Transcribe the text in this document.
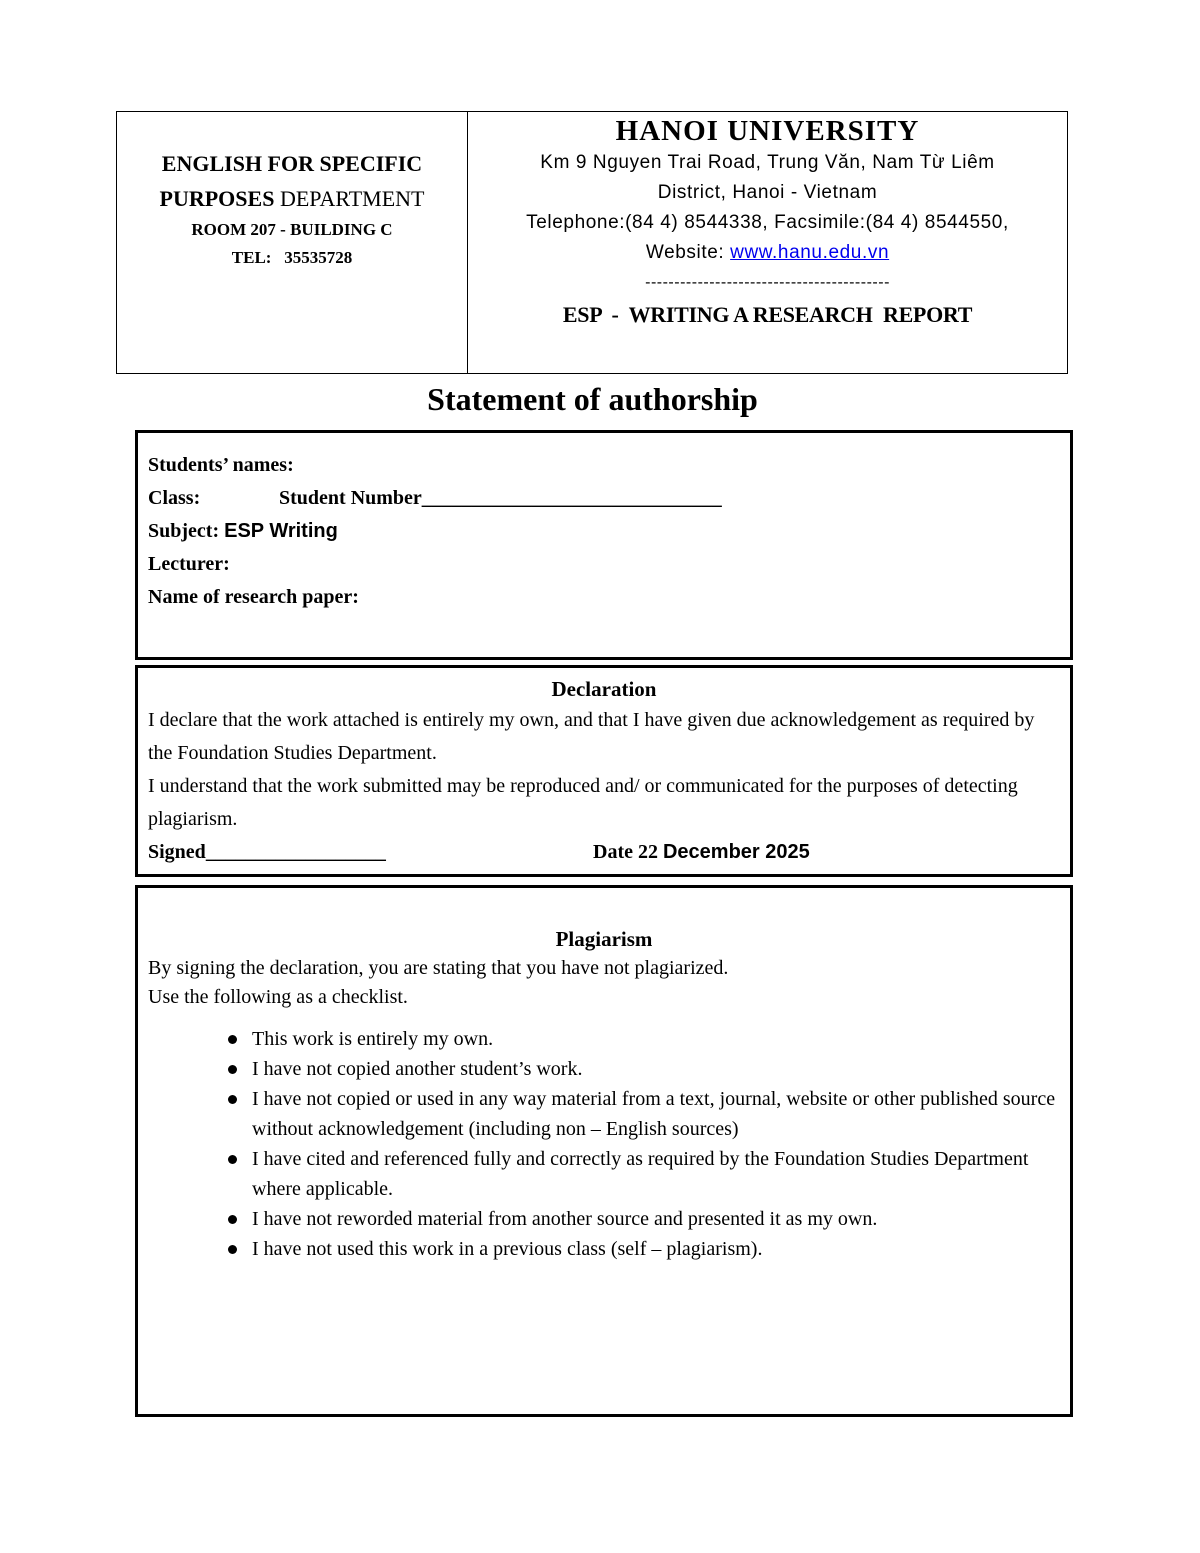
ENGLISH FOR SPECIFIC
PURPOSES DEPARTMENT
ROOM 207 - BUILDING C
TEL:   35535728
HANOI UNIVERSITY
Km 9 Nguyen Trai Road, Trung Văn, Nam Từ Liêm
District, Hanoi - Vietnam
Telephone:(84 4) 8544338, Facsimile:(84 4) 8544550,
Website: www.hanu.edu.vn
------------------------------------------
ESP  -  WRITING A RESEARCH  REPORT
Statement of authorship
Students’ names:
Class:	Student Number______________________________
Subject: ESP Writing
Lecturer:
Name of research paper:
Declaration
I declare that the work attached is entirely my own, and that I have given due acknowledgement as required by the Foundation Studies Department.
I understand that the work submitted may be reproduced and/ or communicated for the purposes of detecting plagiarism.
Signed__________________	Date 22 December 2025
Plagiarism
By signing the declaration, you are stating that you have not plagiarized.
Use the following as a checklist.
This work is entirely my own.
I have not copied another student’s work.
I have not copied or used in any way material from a text, journal, website or other published source without acknowledgement (including non – English sources)
I have cited and referenced fully and correctly as required by the Foundation Studies Department where applicable.
I have not reworded material from another source and presented it as my own.
I have not used this work in a previous class (self – plagiarism).
